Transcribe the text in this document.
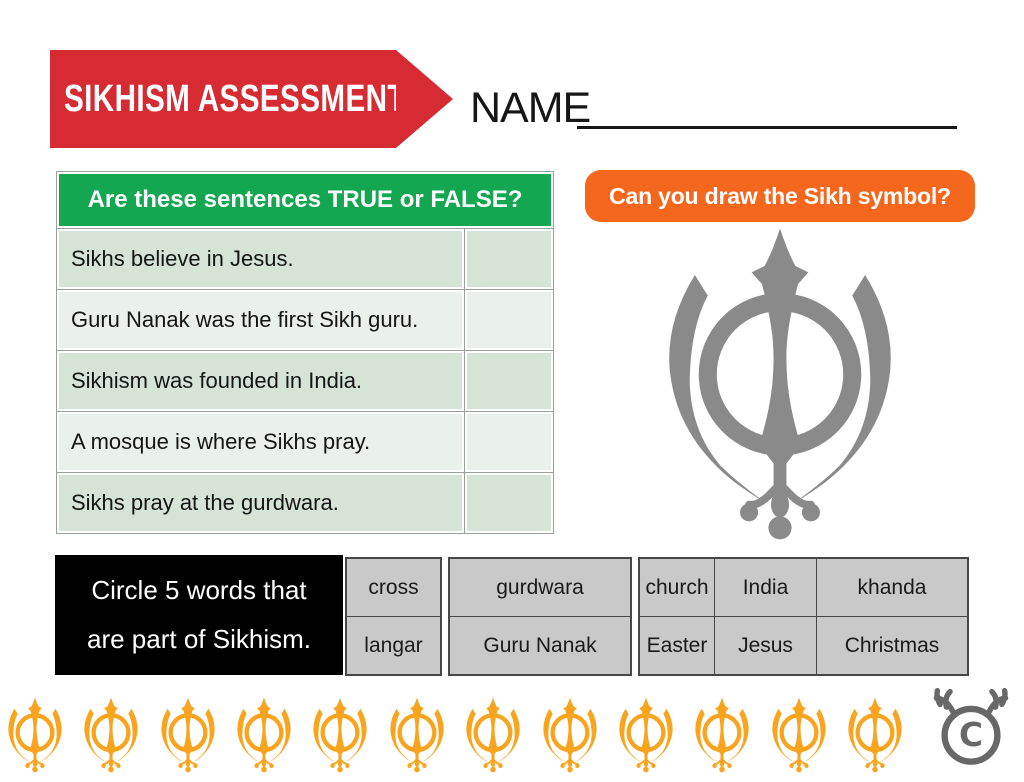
SIKHISM ASSESSMENT NAME
Are these sentences TRUE or FALSE?
Sikhs believe in Jesus.
Guru Nanak was the first Sikh guru.
Sikhism was founded in India.
A mosque is where Sikhs pray.
Sikhs pray at the gurdwara.
Can you draw the Sikh symbol?
Circle 5 words that
are part of Sikhism.
cross
langar
gurdwara
Guru Nanak
church
Easter
India
Jesus
khanda
Christmas
C
